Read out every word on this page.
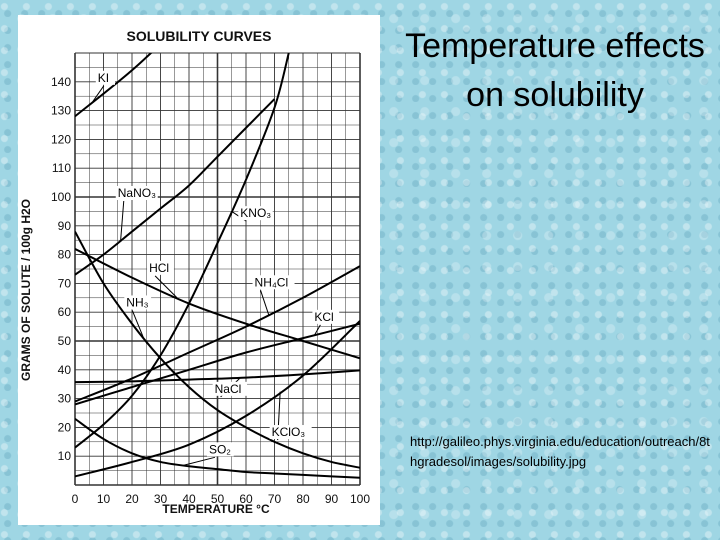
0 10 20 30 40 50 60 70 80 90 100
10
20
30
40
50
60
70
80
90
100
110
120
130
140 KI
NaNO₃
KNO₃
HCl
NH₃
NH₄Cl
KCl
NaCl
KClO₃
SO₂
SOLUBILITY CURVES
TEMPERATURE °C
GRAMS OF SOLUTE / 100g H2O
Temperature effects on solubility
http://galileo.phys.virginia.edu/education/outreach/8thgradesol/images/solubility.jpg
